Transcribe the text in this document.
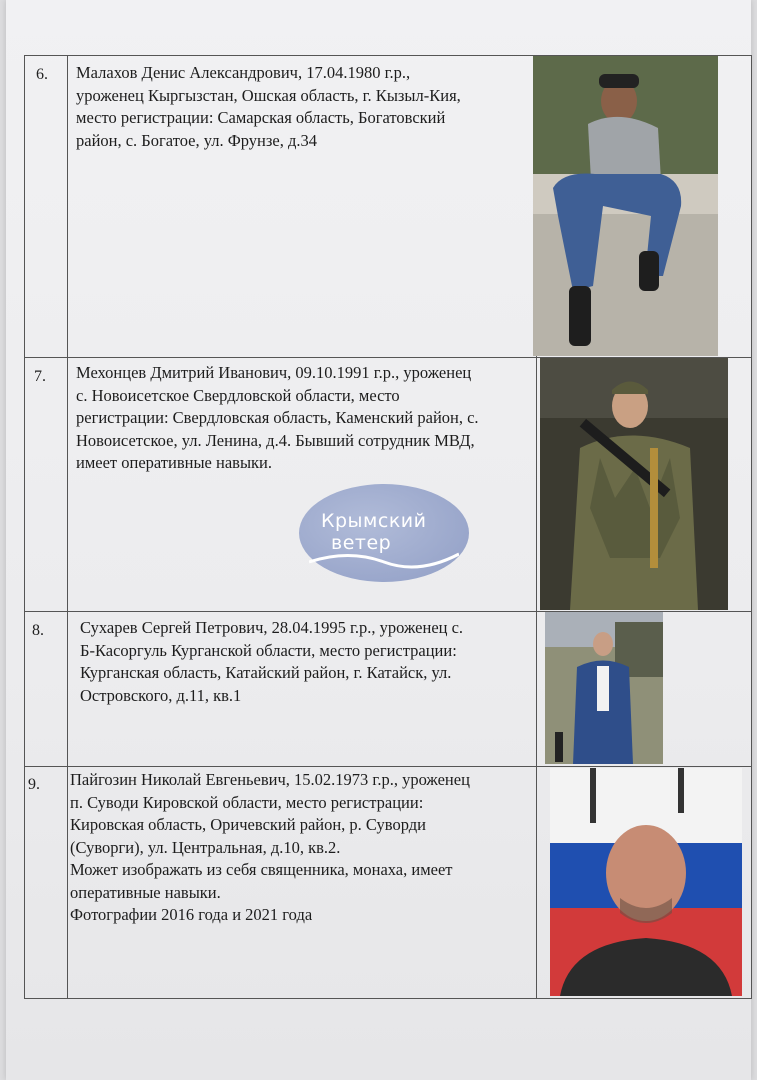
6. Малахов Денис Александрович, 17.04.1980 г.р.,
уроженец Кыргызстан, Ошская область, г. Кызыл-Кия,
место регистрации: Самарская область, Богатовский
район, с. Богатое, ул. Фрунзе, д.34
7. Мехонцев Дмитрий Иванович, 09.10.1991 г.р., уроженец
с. Новоисетское Свердловской области, место
регистрации: Свердловская область, Каменский район, с.
Новоисетское, ул. Ленина, д.4. Бывший сотрудник МВД,
имеет оперативные навыки.
8. Сухарев Сергей Петрович, 28.04.1995 г.р., уроженец с.
Б-Касоргуль Курганской области, место регистрации:
Курганская область, Катайский район, г. Катайск, ул.
Островского, д.11, кв.1
9. Пайгозин Николай Евгеньевич, 15.02.1973 г.р., уроженец
п. Суводи Кировской области, место регистрации:
Кировская область, Оричевский район, р. Суворди
(Суворги), ул. Центральная, д.10, кв.2.
Может изображать из себя священника, монаха, имеет
оперативные навыки.
Фотографии 2016 года и 2021 года
Крымский
ветер
